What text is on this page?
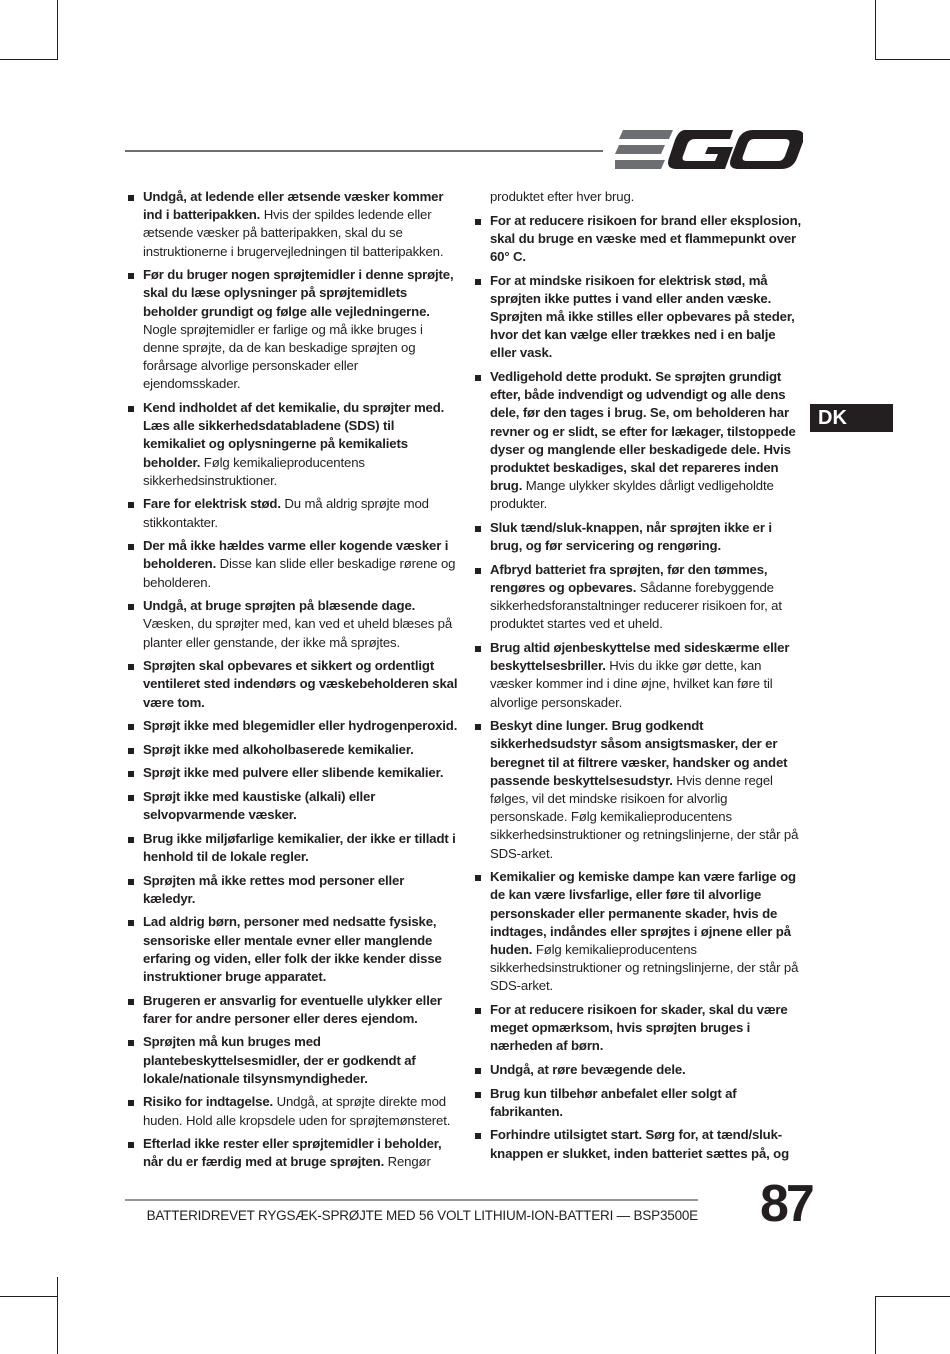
Undgå, at ledende eller ætsende væsker kommer ind i batteripakken. Hvis der spildes ledende eller ætsende væsker på batteripakken, skal du se instruktionerne i brugervejledningen til batteripakken.
Før du bruger nogen sprøjtemidler i denne sprøjte, skal du læse oplysninger på sprøjtemidlets beholder grundigt og følge alle vejledningerne. Nogle sprøjtemidler er farlige og må ikke bruges i denne sprøjte, da de kan beskadige sprøjten og forårsage alvorlige personskader eller ejendomsskader.
Kend indholdet af det kemikalie, du sprøjter med. Læs alle sikkerhedsdatabladene (SDS) til kemikaliet og oplysningerne på kemikaliets beholder. Følg kemikalieproducentens sikkerhedsinstruktioner.
Fare for elektrisk stød. Du må aldrig sprøjte mod stikkontakter.
Der må ikke hældes varme eller kogende væsker i beholderen. Disse kan slide eller beskadige rørene og beholderen.
Undgå, at bruge sprøjten på blæsende dage. Væsken, du sprøjter med, kan ved et uheld blæses på planter eller genstande, der ikke må sprøjtes.
Sprøjten skal opbevares et sikkert og ordentligt ventileret sted indendørs og væskebeholderen skal være tom.
Sprøjt ikke med blegemidler eller hydrogenperoxid.
Sprøjt ikke med alkoholbaserede kemikalier.
Sprøjt ikke med pulvere eller slibende kemikalier.
Sprøjt ikke med kaustiske (alkali) eller selvopvarmende væsker.
Brug ikke miljøfarlige kemikalier, der ikke er tilladt i henhold til de lokale regler.
Sprøjten må ikke rettes mod personer eller kæledyr.
Lad aldrig børn, personer med nedsatte fysiske, sensoriske eller mentale evner eller manglende erfaring og viden, eller folk der ikke kender disse instruktioner bruge apparatet.
Brugeren er ansvarlig for eventuelle ulykker eller farer for andre personer eller deres ejendom.
Sprøjten må kun bruges med plantebeskyttelsesmidler, der er godkendt af lokale/nationale tilsynsmyndigheder.
Risiko for indtagelse. Undgå, at sprøjte direkte mod huden. Hold alle kropsdele uden for sprøjtemønsteret.
Efterlad ikke rester eller sprøjtemidler i beholder, når du er færdig med at bruge sprøjten. Rengør

produktet efter hver brug.

For at reducere risikoen for brand eller eksplosion, skal du bruge en væske med et flammepunkt over 60° C.
For at mindske risikoen for elektrisk stød, må sprøjten ikke puttes i vand eller anden væske. Sprøjten må ikke stilles eller opbevares på steder, hvor det kan vælge eller trækkes ned i en balje eller vask.
Vedligehold dette produkt. Se sprøjten grundigt efter, både indvendigt og udvendigt og alle dens dele, før den tages i brug. Se, om beholderen har revner og er slidt, se efter for lækager, tilstoppede dyser og manglende eller beskadigede dele. Hvis produktet beskadiges, skal det repareres inden brug. Mange ulykker skyldes dårligt vedligeholdte produkter.
Sluk tænd/sluk-knappen, når sprøjten ikke er i brug, og før servicering og rengøring.
Afbryd batteriet fra sprøjten, før den tømmes, rengøres og opbevares. Sådanne forebyggende sikkerhedsforanstaltninger reducerer risikoen for, at produktet startes ved et uheld.
Brug altid øjenbeskyttelse med sideskærme eller beskyttelsesbriller. Hvis du ikke gør dette, kan væsker kommer ind i dine øjne, hvilket kan føre til alvorlige personskader.
Beskyt dine lunger. Brug godkendt sikkerhedsudstyr såsom ansigtsmasker, der er beregnet til at filtrere væsker, handsker og andet passende beskyttelsesudstyr. Hvis denne regel følges, vil det mindske risikoen for alvorlig personskade. Følg kemikalieproducentens sikkerhedsinstruktioner og retningslinjerne, der står på SDS-arket.
Kemikalier og kemiske dampe kan være farlige og de kan være livsfarlige, eller føre til alvorlige personskader eller permanente skader, hvis de indtages, indåndes eller sprøjtes i øjnene eller på huden. Følg kemikalieproducentens sikkerhedsinstruktioner og retningslinjerne, der står på SDS-arket.
For at reducere risikoen for skader, skal du være meget opmærksom, hvis sprøjten bruges i nærheden af børn.
Undgå, at røre bevægende dele.
Brug kun tilbehør anbefalet eller solgt af fabrikanten.
Forhindre utilsigtet start. Sørg for, at tænd/sluk-knappen er slukket, inden batteriet sættes på, og
DK
BATTERIDREVET RYGSÆK-SPRØJTE MED 56 VOLT LITHIUM-ION-BATTERI — BSP3500E 87
